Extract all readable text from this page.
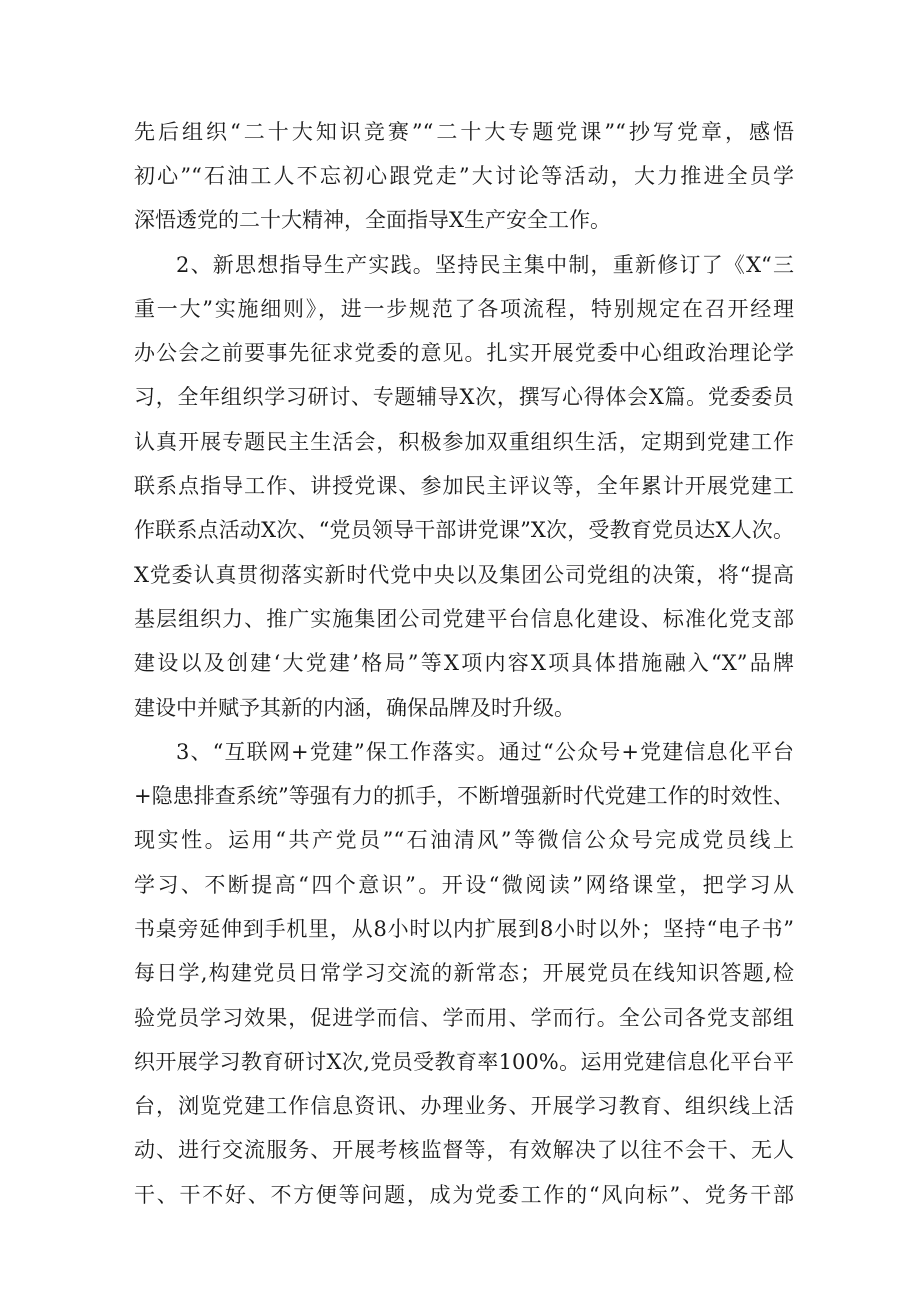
先后组织“二十大知识竞赛”“二十大专题党课”“抄写党章，感悟
初心”“石油工人不忘初心跟党走”大讨论等活动，大力推进全员学
深悟透党的二十大精神，全面指导X生产安全工作。
2、新思想指导生产实践。坚持民主集中制，重新修订了《X“三
重一大”实施细则》，进一步规范了各项流程，特别规定在召开经理
办公会之前要事先征求党委的意见。扎实开展党委中心组政治理论学
习，全年组织学习研讨、专题辅导X次，撰写心得体会X篇。党委委员
认真开展专题民主生活会，积极参加双重组织生活，定期到党建工作
联系点指导工作、讲授党课、参加民主评议等，全年累计开展党建工
作联系点活动X次、“党员领导干部讲党课”X次，受教育党员达X人次。
X党委认真贯彻落实新时代党中央以及集团公司党组的决策，将“提高
基层组织力、推广实施集团公司党建平台信息化建设、标准化党支部
建设以及创建‘大党建’格局”等X项内容X项具体措施融入“X”品牌
建设中并赋予其新的内涵，确保品牌及时升级。
3、“互联网+党建”保工作落实。通过“公众号+党建信息化平台
+隐患排查系统”等强有力的抓手，不断增强新时代党建工作的时效性、
现实性。运用“共产党员”“石油清风”等微信公众号完成党员线上
学习、不断提高“四个意识”。开设“微阅读”网络课堂，把学习从
书桌旁延伸到手机里，从8小时以内扩展到8小时以外；坚持“电子书”
每日学,构建党员日常学习交流的新常态；开展党员在线知识答题,检
验党员学习效果，促进学而信、学而用、学而行。全公司各党支部组
织开展学习教育研讨X次,党员受教育率100%。运用党建信息化平台平
台，浏览党建工作信息资讯、办理业务、开展学习教育、组织线上活
动、进行交流服务、开展考核监督等，有效解决了以往不会干、无人
干、干不好、不方便等问题，成为党委工作的“风向标”、党务干部
